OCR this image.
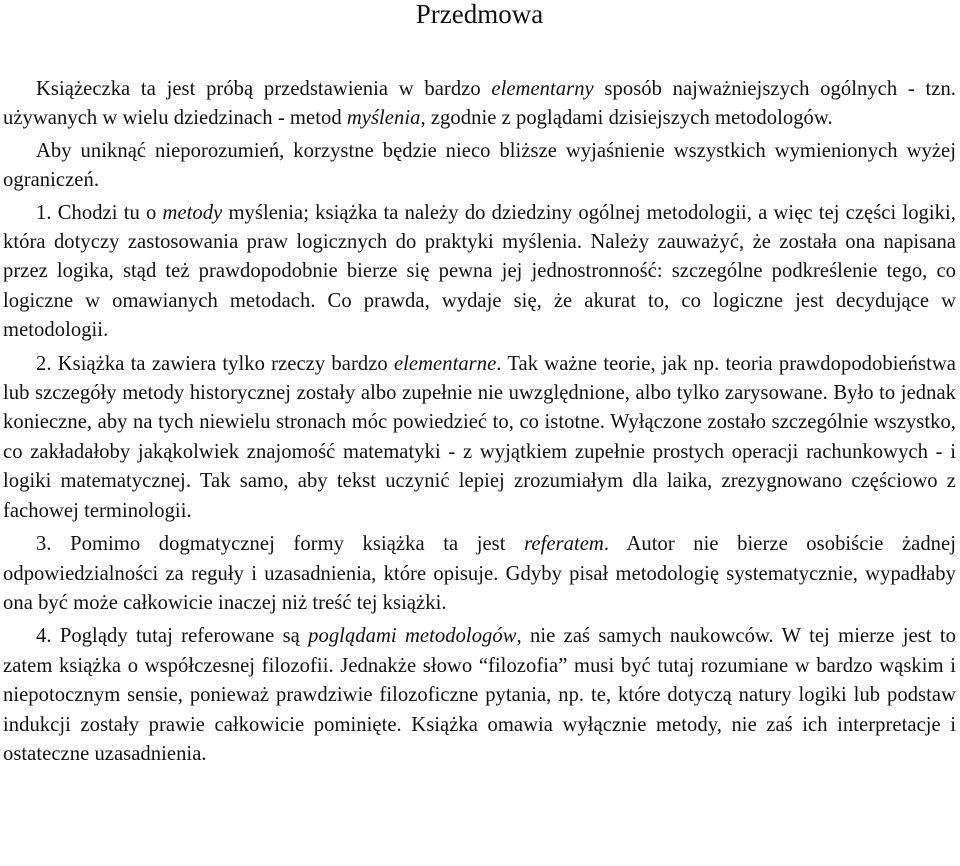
Przedmowa

Książeczka ta jest próbą przedstawienia w bardzo elementarny sposób najważniejszych ogólnych - tzn. używanych w wielu dziedzinach - metod myślenia, zgodnie z poglądami dzisiejszych metodologów.

Aby uniknąć nieporozumień, korzystne będzie nieco bliższe wyjaśnienie wszystkich wymienionych wyżej ograniczeń.

1. Chodzi tu o metody myślenia; książka ta należy do dziedziny ogólnej metodologii, a więc tej części logiki, która dotyczy zastosowania praw logicznych do praktyki myślenia. Należy zauważyć, że została ona napisana przez logika, stąd też prawdopodobnie bierze się pewna jej jednostronność: szczególne podkreślenie tego, co logiczne w omawianych metodach. Co prawda, wydaje się, że akurat to, co logiczne jest decydujące w metodologii.

2. Książka ta zawiera tylko rzeczy bardzo elementarne. Tak ważne teorie, jak np. teoria prawdopodobieństwa lub szczegóły metody historycznej zostały albo zupełnie nie uwzględnione, albo tylko zarysowane. Było to jednak konieczne, aby na tych niewielu stronach móc powiedzieć to, co istotne. Wyłączone zostało szczególnie wszystko, co zakładałoby jakąkolwiek znajomość matematyki - z wyjątkiem zupełnie prostych operacji rachunkowych - i logiki matematycznej. Tak samo, aby tekst uczynić lepiej zrozumiałym dla laika, zrezygnowano częściowo z fachowej terminologii.

3. Pomimo dogmatycznej formy książka ta jest referatem. Autor nie bierze osobiście żadnej odpowiedzialności za reguły i uzasadnienia, które opisuje. Gdyby pisał metodologię systematycznie, wypadłaby ona być może całkowicie inaczej niż treść tej książki.

4. Poglądy tutaj referowane są poglądami metodologów, nie zaś samych naukowców. W tej mierze jest to zatem książka o współczesnej filozofii. Jednakże słowo “filozofia” musi być tutaj rozumiane w bardzo wąskim i niepotocznym sensie, ponieważ prawdziwie filozoficzne pytania, np. te, które dotyczą natury logiki lub podstaw indukcji zostały prawie całkowicie pominięte. Książka omawia wyłącznie metody, nie zaś ich interpretacje i ostateczne uzasadnienia.
